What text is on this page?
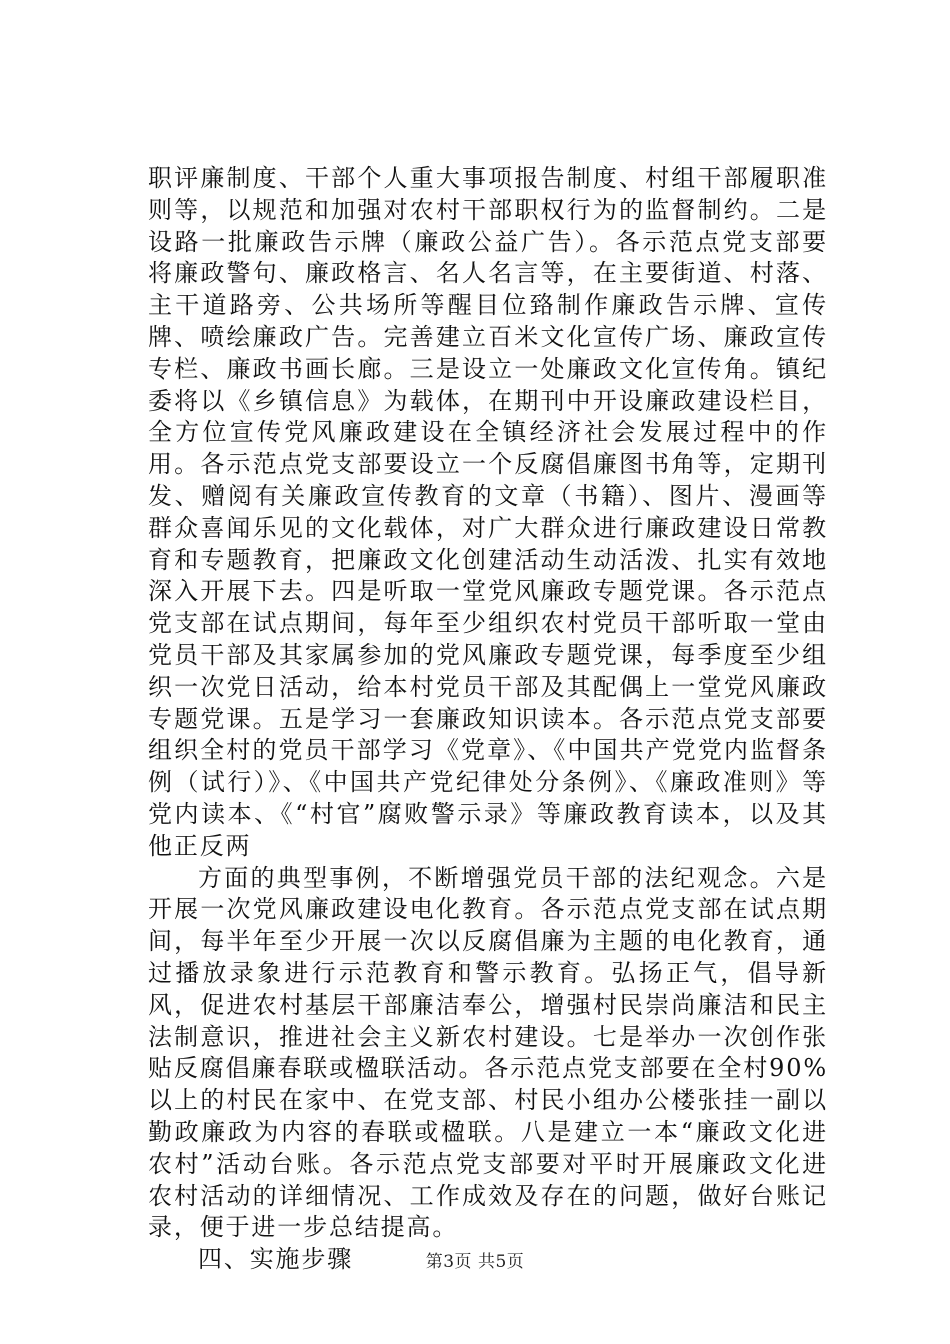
职评廉制度、干部个人重大事项报告制度、村组干部履职准则等，以规范和加强对农村干部职权行为的监督制约。二是设路一批廉政告示牌（廉政公益广告）。各示范点党支部要将廉政警句、廉政格言、名人名言等，在主要街道、村落、主干道路旁、公共场所等醒目位臵制作廉政告示牌、宣传牌、喷绘廉政广告。完善建立百米文化宣传广场、廉政宣传专栏、廉政书画长廊。三是设立一处廉政文化宣传角。镇纪委将以《乡镇信息》为载体，在期刊中开设廉政建设栏目，全方位宣传党风廉政建设在全镇经济社会发展过程中的作用。各示范点党支部要设立一个反腐倡廉图书角等，定期刊发、赠阅有关廉政宣传教育的文章（书籍）、图片、漫画等群众喜闻乐见的文化载体，对广大群众进行廉政建设日常教育和专题教育，把廉政文化创建活动生动活泼、扎实有效地深入开展下去。四是听取一堂党风廉政专题党课。各示范点党支部在试点期间，每年至少组织农村党员干部听取一堂由党员干部及其家属参加的党风廉政专题党课，每季度至少组织一次党日活动，给本村党员干部及其配偶上一堂党风廉政专题党课。五是学习一套廉政知识读本。各示范点党支部要组织全村的党员干部学习《党章》、《中国共产党党内监督条例（试行）》、《中国共产党纪律处分条例》、《廉政准则》等党内读本、《“村官”腐败警示录》等廉政教育读本，以及其他正反两

方面的典型事例，不断增强党员干部的法纪观念。六是开展一次党风廉政建设电化教育。各示范点党支部在试点期间，每半年至少开展一次以反腐倡廉为主题的电化教育，通过播放录象进行示范教育和警示教育。弘扬正气，倡导新风，促进农村基层干部廉洁奉公，增强村民崇尚廉洁和民主法制意识，推进社会主义新农村建设。七是举办一次创作张贴反腐倡廉春联或楹联活动。各示范点党支部要在全村90%以上的村民在家中、在党支部、村民小组办公楼张挂一副以勤政廉政为内容的春联或楹联。八是建立一本“廉政文化进农村”活动台账。各示范点党支部要对平时开展廉政文化进农村活动的详细情况、工作成效及存在的问题，做好台账记录，便于进一步总结提高。

四、实施步骤	第3页 共5页
